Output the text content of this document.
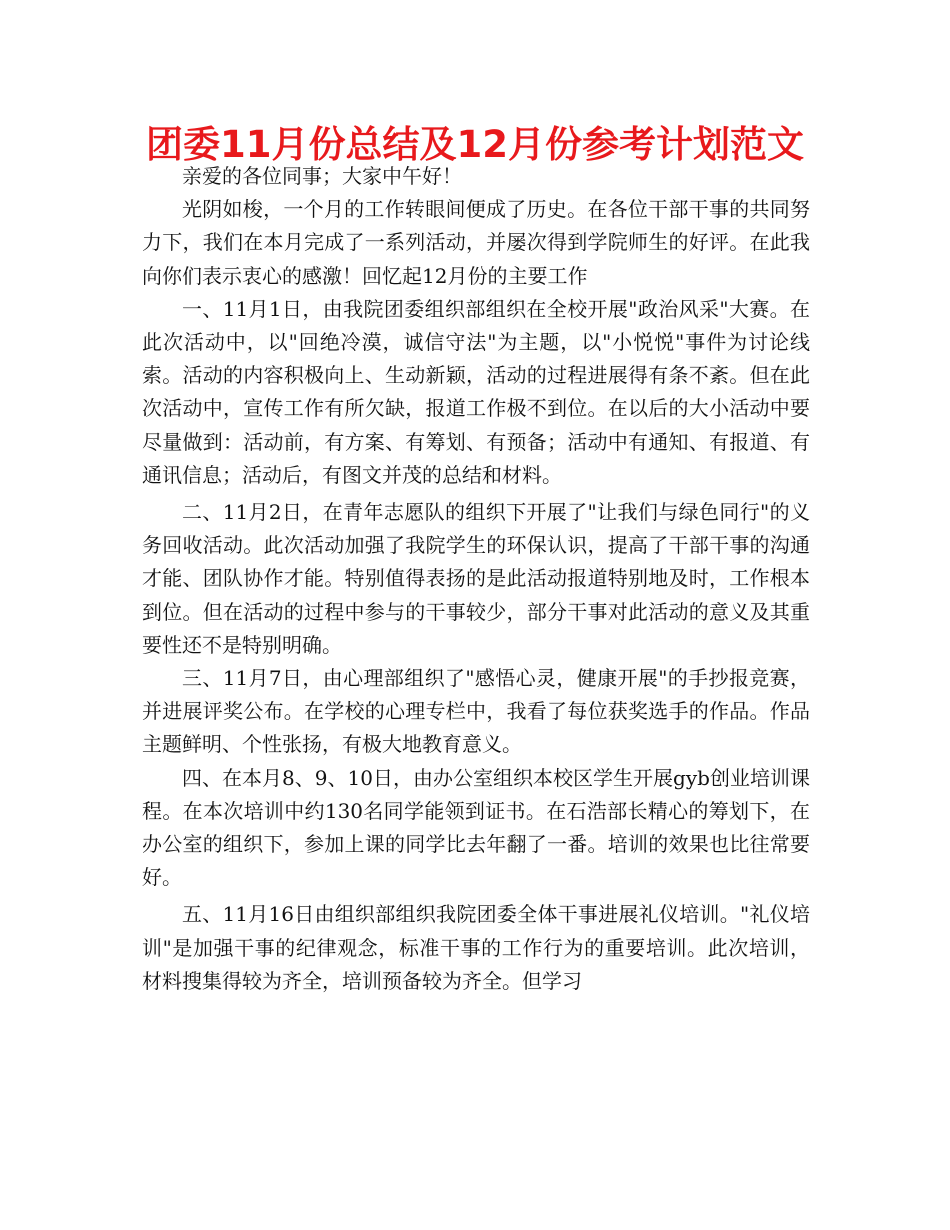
团委11月份总结及12月份参考计划范文

亲爱的各位同事；大家中午好！

光阴如梭，一个月的工作转眼间便成了历史。在各位干部干事的共同努力下，我们在本月完成了一系列活动，并屡次得到学院师生的好评。在此我向你们表示衷心的感激！回忆起12月份的主要工作

一、11月1日，由我院团委组织部组织在全校开展"政治风采"大赛。在此次活动中，以"回绝冷漠，诚信守法"为主题，以"小悦悦"事件为讨论线索。活动的内容积极向上、生动新颖，活动的过程进展得有条不紊。但在此次活动中，宣传工作有所欠缺，报道工作极不到位。在以后的大小活动中要尽量做到：活动前，有方案、有筹划、有预备；活动中有通知、有报道、有通讯信息；活动后，有图文并茂的总结和材料。

二、11月2日，在青年志愿队的组织下开展了"让我们与绿色同行"的义务回收活动。此次活动加强了我院学生的环保认识，提高了干部干事的沟通才能、团队协作才能。特别值得表扬的是此活动报道特别地及时，工作根本到位。但在活动的过程中参与的干事较少，部分干事对此活动的意义及其重要性还不是特别明确。

三、11月7日，由心理部组织了"感悟心灵，健康开展"的手抄报竞赛，并进展评奖公布。在学校的心理专栏中，我看了每位获奖选手的作品。作品主题鲜明、个性张扬，有极大地教育意义。

四、在本月8、9、10日，由办公室组织本校区学生开展gyb创业培训课程。在本次培训中约130名同学能领到证书。在石浩部长精心的筹划下，在办公室的组织下，参加上课的同学比去年翻了一番。培训的效果也比往常要好。

五、11月16日由组织部组织我院团委全体干事进展礼仪培训。"礼仪培训"是加强干事的纪律观念，标准干事的工作行为的重要培训。此次培训，材料搜集得较为齐全，培训预备较为齐全。但学习
